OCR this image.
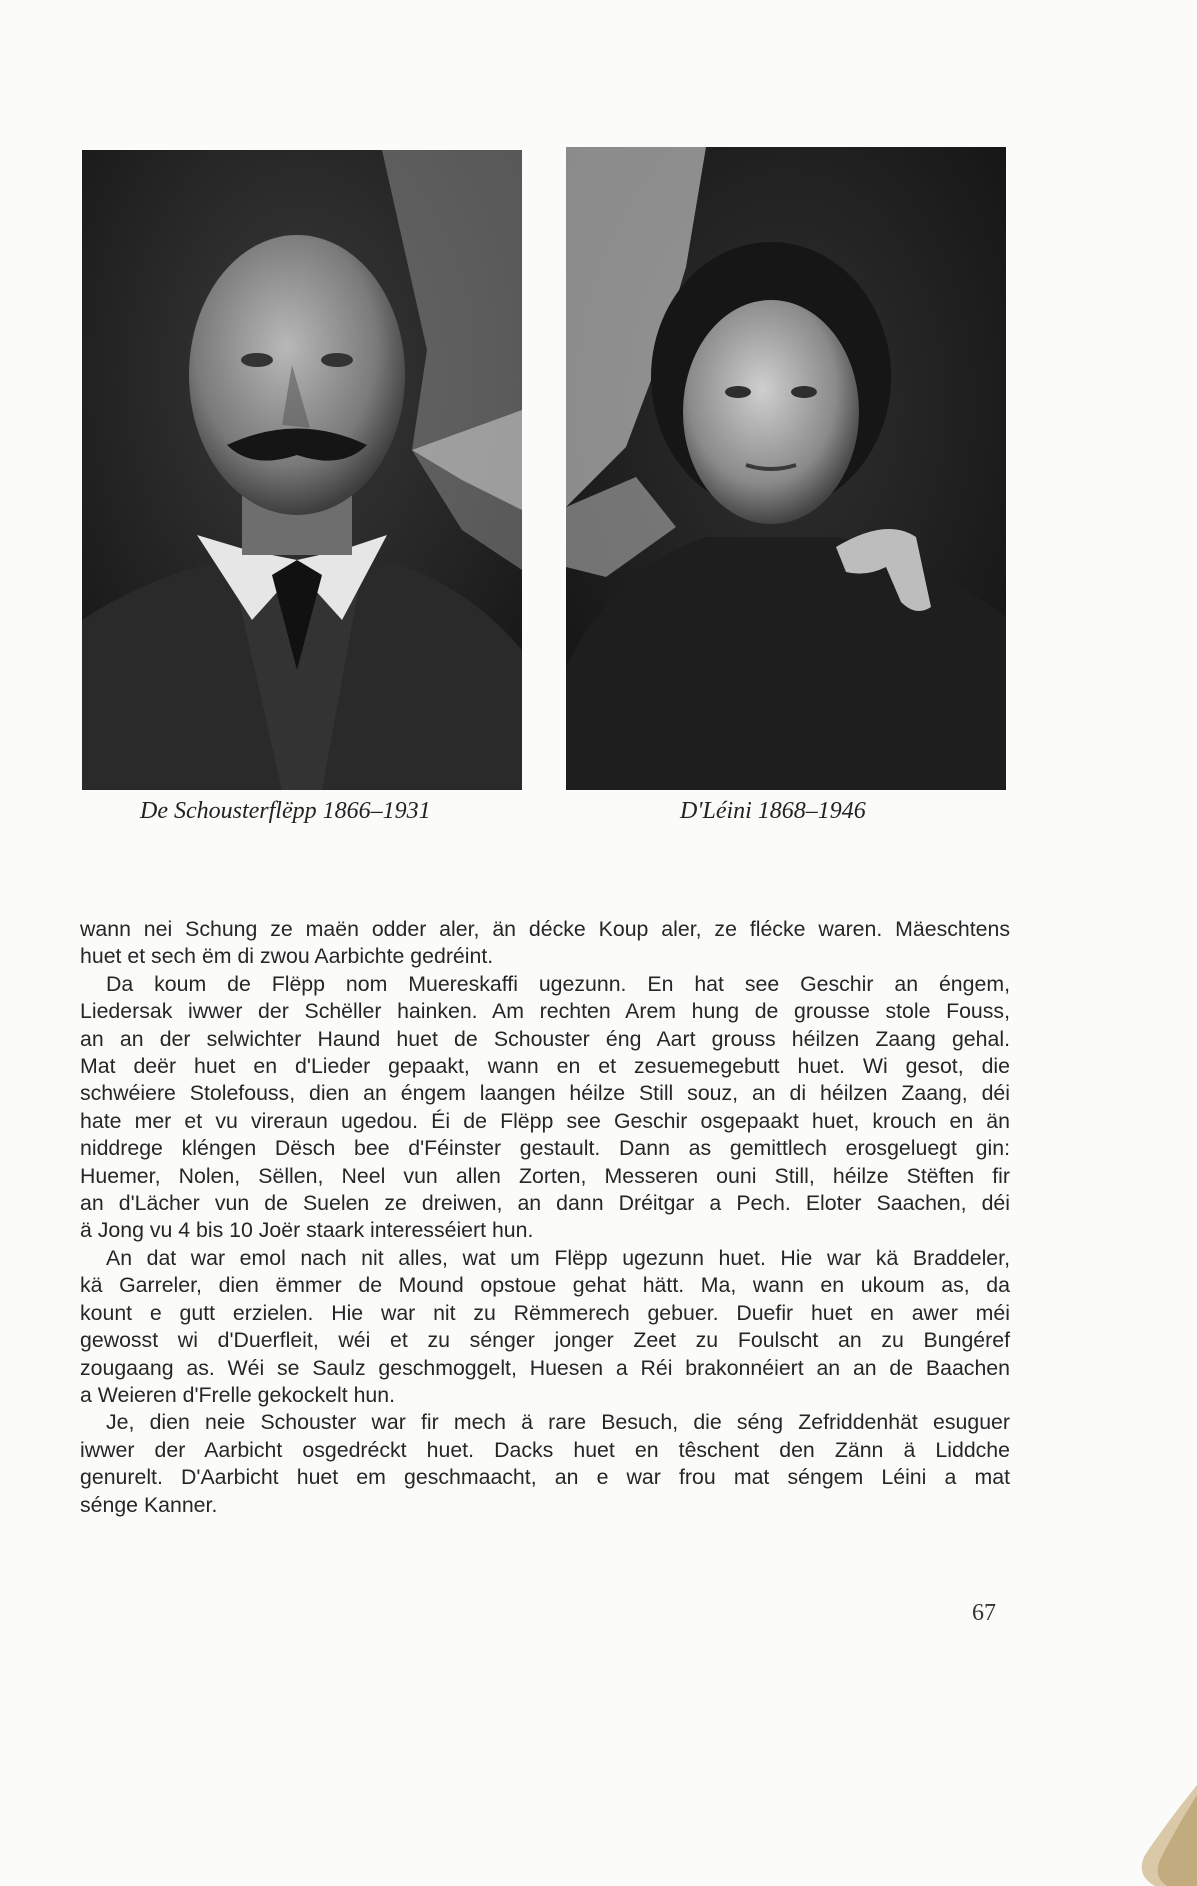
De Schousterflëpp 1866–1931	D'Léini 1868–1946

wann nei Schung ze maën odder aler, än décke Koup aler, ze flécke waren. Mäeschtens
huet et sech ëm di zwou Aarbichte gedréint.

Da koum de Flëpp nom Muereskaffi ugezunn. En hat see Geschir an éngem,
Liedersak iwwer der Schëller hainken. Am rechten Arem hung de grousse stole Fouss,
an an der selwichter Haund huet de Schouster éng Aart grouss héilzen Zaang gehal.
Mat deër huet en d'Lieder gepaakt, wann en et zesuemegebutt huet. Wi gesot, die
schwéiere Stolefouss, dien an éngem laangen héilze Still souz, an di héilzen Zaang, déi
hate mer et vu vireraun ugedou. Éi de Flëpp see Geschir osgepaakt huet, krouch en än
niddrege kléngen Dësch bee d'Féinster gestault. Dann as gemittlech erosgeluegt gin:
Huemer, Nolen, Sëllen, Neel vun allen Zorten, Messeren ouni Still, héilze Stëften fir
an d'Lächer vun de Suelen ze dreiwen, an dann Dréitgar a Pech. Eloter Saachen, déi
ä Jong vu 4 bis 10 Joër staark interesséiert hun.

An dat war emol nach nit alles, wat um Flëpp ugezunn huet. Hie war kä Braddeler,
kä Garreler, dien ëmmer de Mound opstoue gehat hätt. Ma, wann en ukoum as, da
kount e gutt erzielen. Hie war nit zu Rëmmerech gebuer. Duefir huet en awer méi
gewosst wi d'Duerfleit, wéi et zu sénger jonger Zeet zu Foulscht an zu Bungéref
zougaang as. Wéi se Saulz geschmoggelt, Huesen a Réi brakonnéiert an an de Baachen
a Weieren d'Frelle gekockelt hun.

Je, dien neie Schouster war fir mech ä rare Besuch, die séng Zefriddenhät esuguer
iwwer der Aarbicht osgedréckt huet. Dacks huet en têschent den Zänn ä Liddche
genurelt. D'Aarbicht huet em geschmaacht, an e war frou mat séngem Léini a mat
sénge Kanner.

67
